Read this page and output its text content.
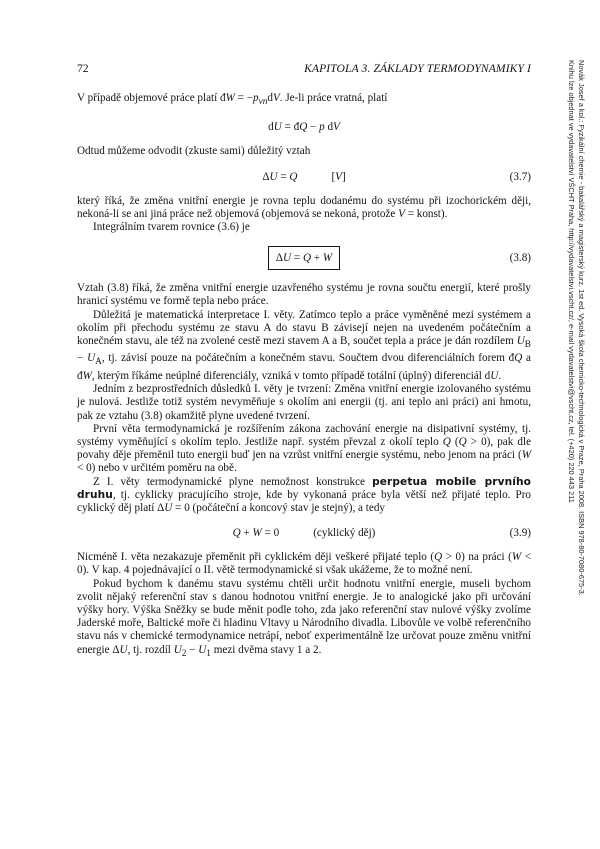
72	KAPITOLA 3. ZÁKLADY TERMODYNAMIKY I

V případě objemové práce platí đW = $-p_{vn}dV$. Je-li práce vratná, platí

dU = đQ − p dV

Odtud můžeme odvodit (zkuste sami) důležitý vztah

ΔU = Q	[V]	(3.7)

který říká, že změna vnitřní energie je rovna teplu dodanému do systému při izochorickém ději, nekoná-li se ani jiná práce než objemová (objemová se nekoná, protože V = konst).

Integrálním tvarem rovnice (3.6) je

ΔU = Q + W	(3.8)

Vztah (3.8) říká, že změna vnitřní energie uzavřeného systému je rovna součtu energií, které prošly hranicí systému ve formě tepla nebo práce.

Důležitá je matematická interpretace I. věty. Zatímco teplo a práce vyměněné mezi systémem a okolím při přechodu systému ze stavu A do stavu B závisejí nejen na uvedeném počátečním a konečném stavu, ale též na zvolené cestě mezi stavem A a B, součet tepla a práce je dán rozdílem $U_B - U_A$, tj. závisí pouze na počátečním a konečném stavu. Součtem dvou diferenciálních forem đQ a đW, kterým říkáme neúplné diferenciály, vzniká v tomto případě totální (úplný) diferenciál dU.

Jedním z bezprostředních důsledků I. věty je tvrzení: Změna vnitřní energie izolovaného systému je nulová. Jestliže totiž systém nevyměňuje s okolím ani energii (tj. ani teplo ani práci) ani hmotu, pak ze vztahu (3.8) okamžitě plyne uvedené tvrzení.

První věta termodynamická je rozšířením zákona zachování energie na disipativní systémy, tj. systémy vyměňující s okolím teplo. Jestliže např. systém převzal z okolí teplo Q (Q > 0), pak dle povahy děje přeměnil tuto energii buď jen na vzrůst vnitřní energie systému, nebo jenom na práci (W < 0) nebo v určitém poměru na obě.

Z I. věty termodynamické plyne nemožnost konstrukce perpetua mobile prvního druhu, tj. cyklicky pracujícího stroje, kde by vykonaná práce byla větší než přijaté teplo. Pro cyklický děj platí ΔU = 0 (počáteční a koncový stav je stejný), a tedy

Q + W = 0	(cyklický děj)	(3.9)

Nicméně I. věta nezakazuje přeměnit při cyklickém ději veškeré přijaté teplo (Q > 0) na práci (W < 0). V kap. 4 pojednávající o II. větě termodynamické si však ukážeme, že to možné není.

Pokud bychom k danému stavu systému chtěli určit hodnotu vnitřní energie, museli bychom zvolit nějaký referenční stav s danou hodnotou vnitřní energie. Je to analogické jako při určování výšky hory. Výška Sněžky se bude měnit podle toho, zda jako referenční stav nulové výšky zvolíme Jaderské moře, Baltické moře či hladinu Vltavy u Národního divadla. Libovůle ve volbě referenčního stavu nás v chemické termodynamice netrápí, neboť experimentálně lze určovat pouze změnu vnitřní energie ΔU, tj. rozdíl $U_2 - U_1$ mezi dvěma stavy 1 a 2.

Novák Josef a kol.: Fyzikální chemie - bakalářský a magisterský kurz. 1st ed. Vysoká škola chemicko-technologická v Praze, Praha 2008. ISBN 978-80-7080-675-3.
Knihu lze objednat ve vydavatelství VŠCHT Praha, http://vydavatelstvi.vscht.cz/, e-mail vydavatelstvi@vscht.cz, tel. (+420) 220 443 211
